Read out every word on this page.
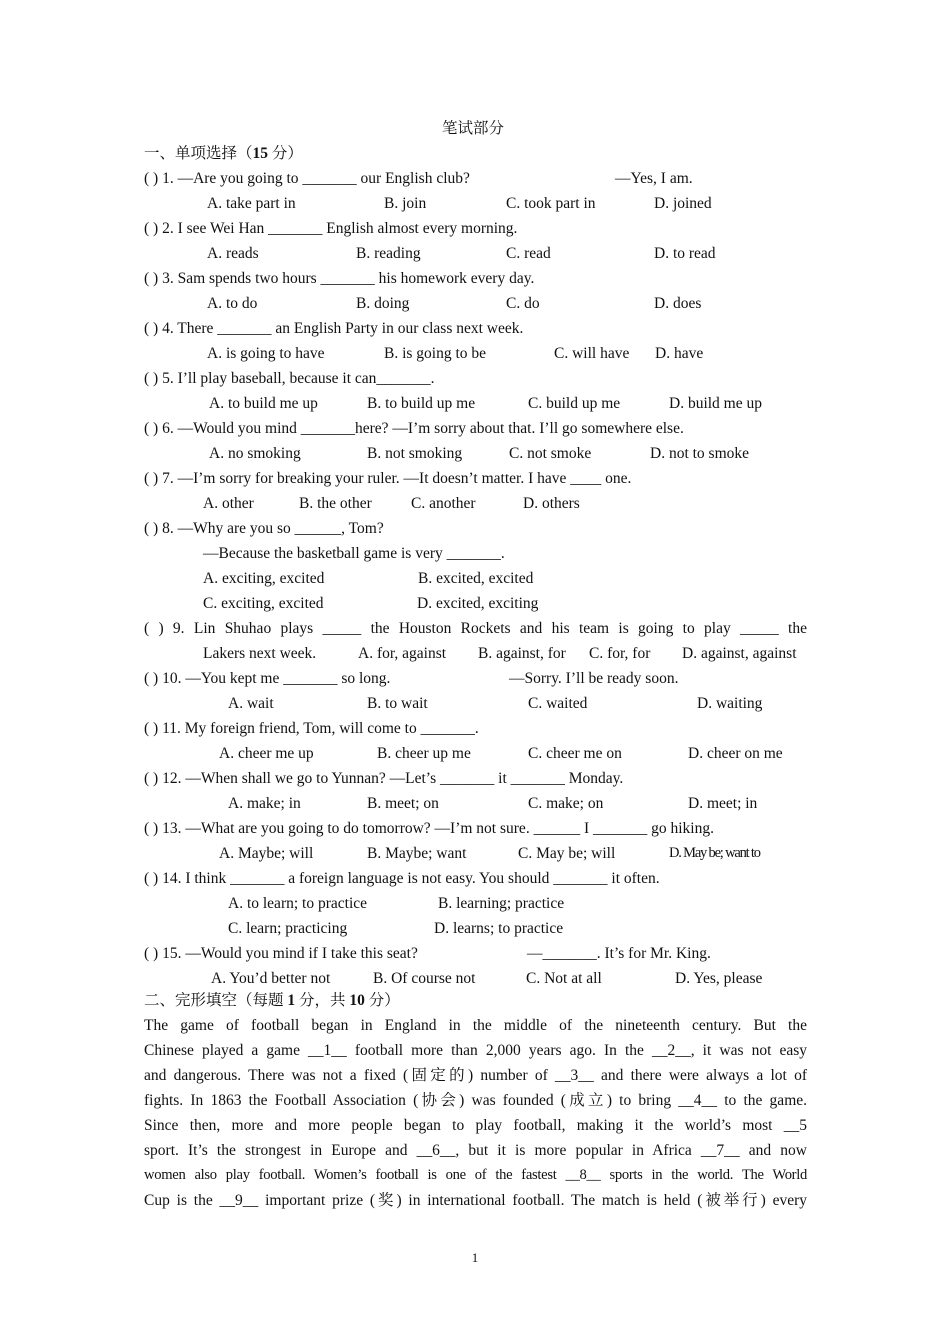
笔试部分
一、单项选择（15 分）
( ) 1. —Are you going to _______ our English club?	—Yes, I am.
A. take part in	B. join	C. took part in	D. joined
( ) 2. I see Wei Han _______ English almost every morning.
A. reads	B. reading	C. read	D. to read
( ) 3. Sam spends two hours _______ his homework every day.
A. to do	B. doing	C. do	D. does
( ) 4. There _______ an English Party in our class next week.
A. is going to have	B. is going to be	C. will have D. have
( ) 5. I’ll play baseball, because it can_______.
A. to build me up	B. to build up me	C. build up me	D. build me up
( ) 6. —Would you mind _______here? —I’m sorry about that. I’ll go somewhere else.
A. no smoking	B. not smoking	C. not smoke	D. not to smoke
( ) 7. —I’m sorry for breaking your ruler. —It doesn’t matter. I have ____ one.
A. other	B. the other	C. another	D. others
( ) 8. —Why are you so ______, Tom?
—Because the basketball game is very _______.
A. exciting, excited	B. excited, excited
C. exciting, excited	D. excited, exciting
( ) 9. Lin Shuhao plays _____ the Houston Rockets and his team is going to play _____ the
Lakers next week.	A. for, against B. against, for C. for, for D. against, against
( ) 10. —You kept me _______ so long.	—Sorry. I’ll be ready soon.
A. wait	B. to wait	C. waited	D. waiting
( ) 11. My foreign friend, Tom, will come to _______.
A. cheer me up	B. cheer up me	C. cheer me on	D. cheer on me
( ) 12. —When shall we go to Yunnan? —Let’s _______ it _______ Monday.
A. make; in	B. meet; on	C. make; on	D. meet; in
( ) 13. —What are you going to do tomorrow? —I’m not sure. ______ I _______ go hiking.
A. Maybe; will	B. Maybe; want	C. May be; will	D. May be; want to
( ) 14. I think _______ a foreign language is not easy. You should _______ it often.
A. to learn; to practice	B. learning; practice
C. learn; practicing	D. learns; to practice
( ) 15. —Would you mind if I take this seat?	—_______. It’s for Mr. King.
A. You’d better not	B. Of course not	C. Not at all	D. Yes, please
二、完形填空（每题 1 分，共 10 分）
The game of football began in England in the middle of the nineteenth century. But the
Chinese played a game __1__ football more than 2,000 years ago. In the __2__, it was not easy
and dangerous. There was not a fixed (固定的) number of __3__ and there were always a lot of
fights. In 1863 the Football Association (协会) was founded (成立) to bring __4__ to the game.
Since then, more and more people began to play football, making it the world’s most __5
sport. It’s the strongest in Europe and __6__, but it is more popular in Africa __7__ and now
women also play football. Women’s football is one of the fastest __8__ sports in the world. The World
Cup is the __9__ important prize (奖) in international football. The match is held (被举行) every
1
